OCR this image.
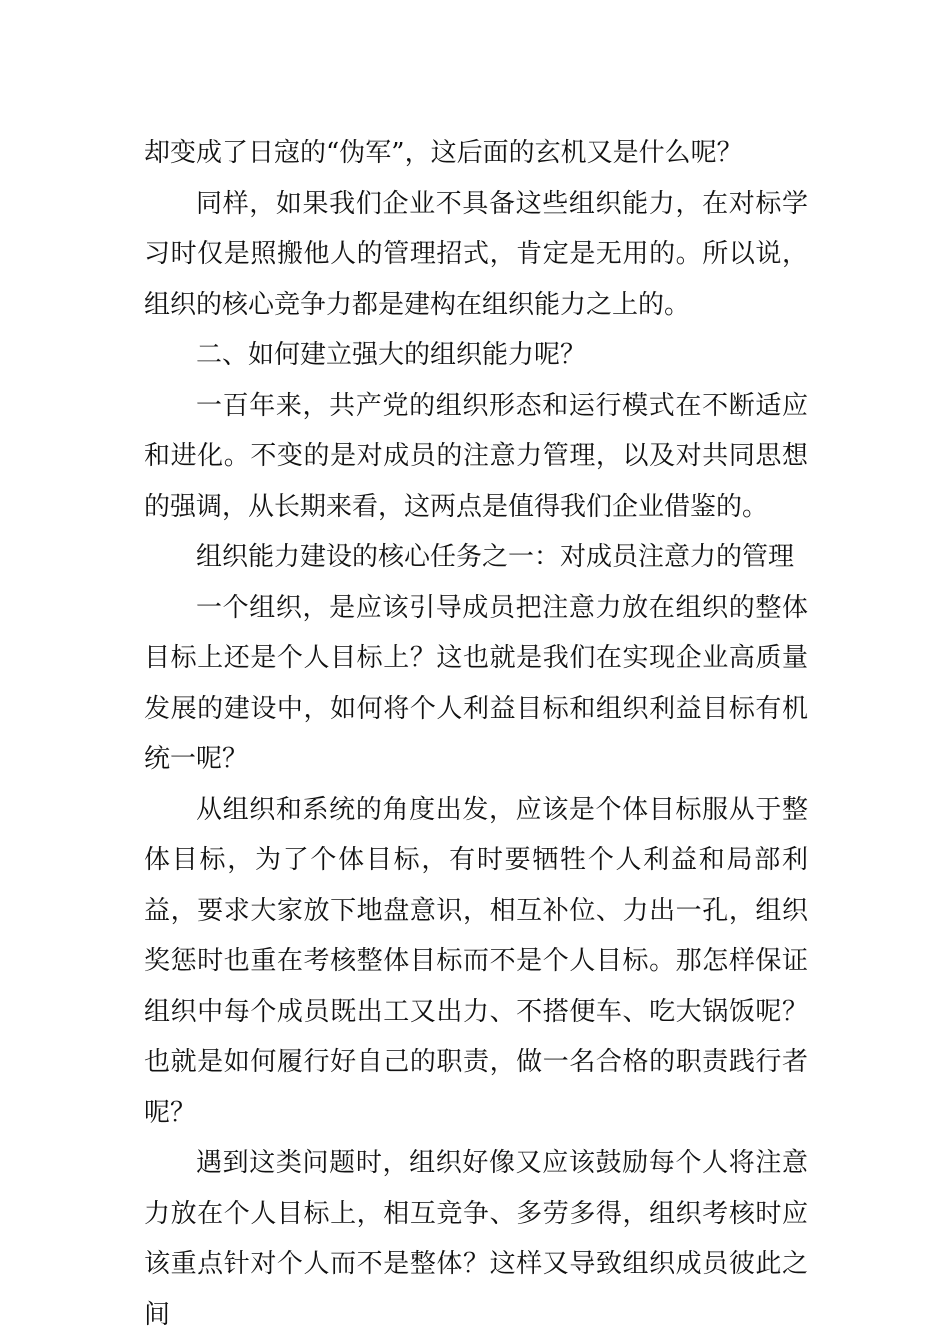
却变成了日寇的“伪军”，这后面的玄机又是什么呢？

同样，如果我们企业不具备这些组织能力，在对标学习时仅是照搬他人的管理招式，肯定是无用的。所以说，组织的核心竞争力都是建构在组织能力之上的。

二、如何建立强大的组织能力呢？

一百年来，共产党的组织形态和运行模式在不断适应和进化。不变的是对成员的注意力管理，以及对共同思想的强调，从长期来看，这两点是值得我们企业借鉴的。

组织能力建设的核心任务之一：对成员注意力的管理

一个组织，是应该引导成员把注意力放在组织的整体目标上还是个人目标上？这也就是我们在实现企业高质量发展的建设中，如何将个人利益目标和组织利益目标有机统一呢？

从组织和系统的角度出发，应该是个体目标服从于整体目标，为了个体目标，有时要牺牲个人利益和局部利益，要求大家放下地盘意识，相互补位、力出一孔，组织奖惩时也重在考核整体目标而不是个人目标。那怎样保证组织中每个成员既出工又出力、不搭便车、吃大锅饭呢？也就是如何履行好自己的职责，做一名合格的职责践行者呢？

遇到这类问题时，组织好像又应该鼓励每个人将注意力放在个人目标上，相互竞争、多劳多得，组织考核时应该重点针对个人而不是整体？这样又导致组织成员彼此之间
